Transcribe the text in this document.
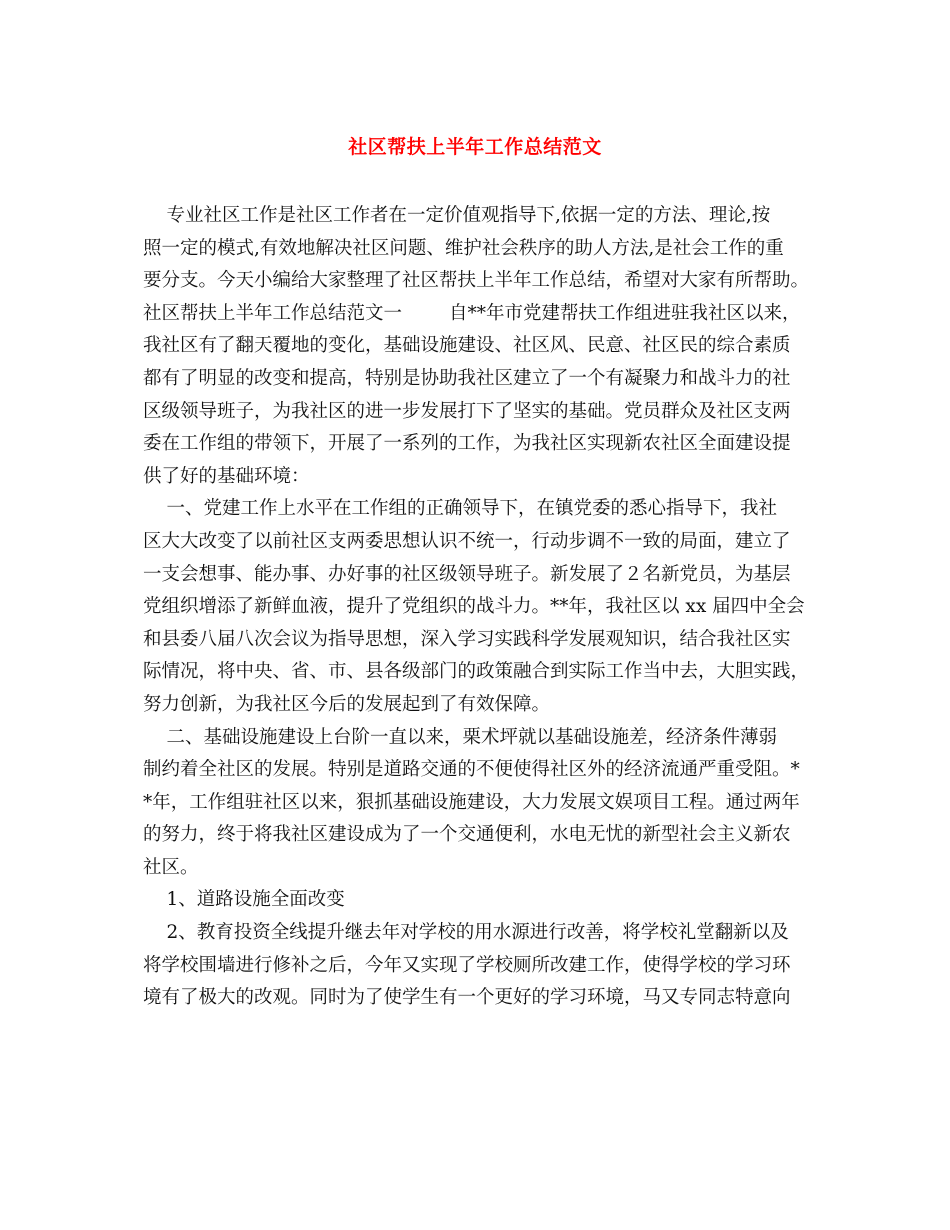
社区帮扶上半年工作总结范文
专业社区工作是社区工作者在一定价值观指导下,依据一定的方法、理论,按
照一定的模式,有效地解决社区问题、维护社会秩序的助人方法,是社会工作的重
要分支。今天小编给大家整理了社区帮扶上半年工作总结，希望对大家有所帮助。
社区帮扶上半年工作总结范文一        自**年市党建帮扶工作组进驻我社区以来，
我社区有了翻天覆地的变化，基础设施建设、社区风、民意、社区民的综合素质
都有了明显的改变和提高，特别是协助我社区建立了一个有凝聚力和战斗力的社
区级领导班子，为我社区的进一步发展打下了坚实的基础。党员群众及社区支两
委在工作组的带领下，开展了一系列的工作，为我社区实现新农社区全面建设提
供了好的基础环境：
一、党建工作上水平在工作组的正确领导下，在镇党委的悉心指导下，我社
区大大改变了以前社区支两委思想认识不统一，行动步调不一致的局面，建立了
一支会想事、能办事、办好事的社区级领导班子。新发展了２名新党员，为基层
党组织增添了新鲜血液，提升了党组织的战斗力。**年，我社区以 xx 届四中全会
和县委八届八次会议为指导思想，深入学习实践科学发展观知识，结合我社区实
际情况，将中央、省、市、县各级部门的政策融合到实际工作当中去，大胆实践，
努力创新，为我社区今后的发展起到了有效保障。
二、基础设施建设上台阶一直以来，栗术坪就以基础设施差，经济条件薄弱
制约着全社区的发展。特别是道路交通的不便使得社区外的经济流通严重受阻。*
*年，工作组驻社区以来，狠抓基础设施建设，大力发展文娱项目工程。通过两年
的努力，终于将我社区建设成为了一个交通便利，水电无忧的新型社会主义新农
社区。
1、道路设施全面改变
2、教育投资全线提升继去年对学校的用水源进行改善，将学校礼堂翻新以及
将学校围墙进行修补之后，今年又实现了学校厕所改建工作，使得学校的学习环
境有了极大的改观。同时为了使学生有一个更好的学习环境，马又专同志特意向
